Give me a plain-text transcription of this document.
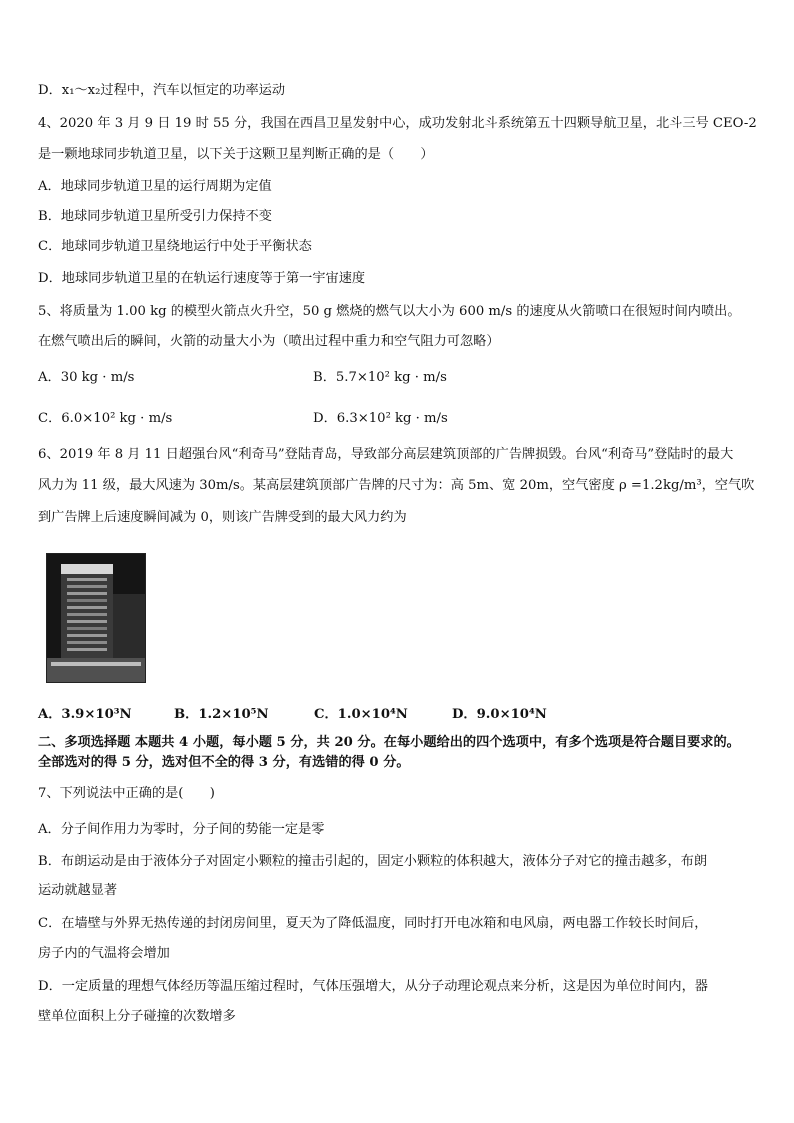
D．x₁～x₂过程中，汽车以恒定的功率运动
4、2020 年 3 月 9 日 19 时 55 分，我国在西昌卫星发射中心，成功发射北斗系统第五十四颗导航卫星，北斗三号 CEO-2
是一颗地球同步轨道卫星，以下关于这颗卫星判断正确的是（　　）
A．地球同步轨道卫星的运行周期为定值
B．地球同步轨道卫星所受引力保持不变
C．地球同步轨道卫星绕地运行中处于平衡状态
D．地球同步轨道卫星的在轨运行速度等于第一宇宙速度
5、将质量为 1.00 kg 的模型火箭点火升空，50 g 燃烧的燃气以大小为 600 m/s 的速度从火箭喷口在很短时间内喷出。
在燃气喷出后的瞬间，火箭的动量大小为（喷出过程中重力和空气阻力可忽略）
A．30 kg · m/s	B．5.7×10² kg · m/s
C．6.0×10² kg · m/s	D．6.3×10² kg · m/s
6、2019 年 8 月 11 日超强台风“利奇马”登陆青岛，导致部分高层建筑顶部的广告牌损毁。台风“利奇马”登陆时的最大
风力为 11 级，最大风速为 30m/s。某高层建筑顶部广告牌的尺寸为：高 5m、宽 20m，空气密度 ρ =1.2kg/m³，空气吹
到广告牌上后速度瞬间减为 0，则该广告牌受到的最大风力约为
A．3.9×10³N	B．1.2×10⁵N	C．1.0×10⁴N	D．9.0×10⁴N
二、多项选择题 本题共 4 小题，每小题 5 分，共 20 分。在每小题给出的四个选项中，有多个选项是符合题目要求的。
全部选对的得 5 分，选对但不全的得 3 分，有选错的得 0 分。
7、下列说法中正确的是(　　)
A．分子间作用力为零时，分子间的势能一定是零
B．布朗运动是由于液体分子对固定小颗粒的撞击引起的，固定小颗粒的体积越大，液体分子对它的撞击越多，布朗
运动就越显著
C．在墙壁与外界无热传递的封闭房间里，夏天为了降低温度，同时打开电冰箱和电风扇，两电器工作较长时间后，
房子内的气温将会增加
D．一定质量的理想气体经历等温压缩过程时，气体压强增大，从分子动理论观点来分析，这是因为单位时间内，器
壁单位面积上分子碰撞的次数增多
